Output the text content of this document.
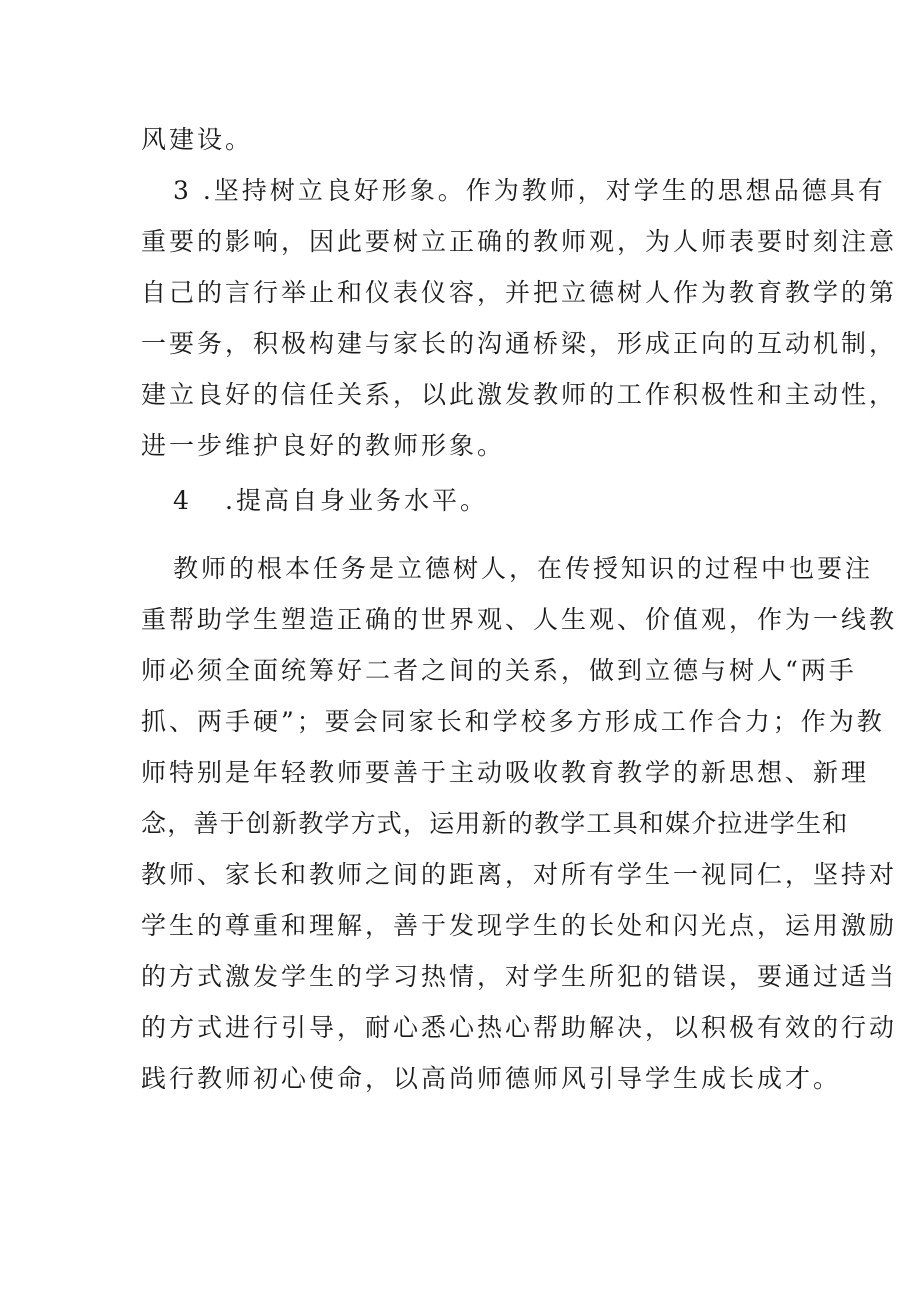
风建设。
3 .坚持树立良好形象。作为教师，对学生的思想品德具有
重要的影响，因此要树立正确的教师观，为人师表要时刻注意
自己的言行举止和仪表仪容，并把立德树人作为教育教学的第
一要务，积极构建与家长的沟通桥梁，形成正向的互动机制，
建立良好的信任关系，以此激发教师的工作积极性和主动性，
进一步维护良好的教师形象。
4 .提高自身业务水平。
教师的根本任务是立德树人，在传授知识的过程中也要注
重帮助学生塑造正确的世界观、人生观、价值观，作为一线教
师必须全面统筹好二者之间的关系，做到立德与树人“两手
抓、两手硬”；要会同家长和学校多方形成工作合力；作为教
师特别是年轻教师要善于主动吸收教育教学的新思想、新理
念，善于创新教学方式，运用新的教学工具和媒介拉进学生和
教师、家长和教师之间的距离，对所有学生一视同仁，坚持对
学生的尊重和理解，善于发现学生的长处和闪光点，运用激励
的方式激发学生的学习热情，对学生所犯的错误，要通过适当
的方式进行引导，耐心悉心热心帮助解决，以积极有效的行动
践行教师初心使命，以高尚师德师风引导学生成长成才。
